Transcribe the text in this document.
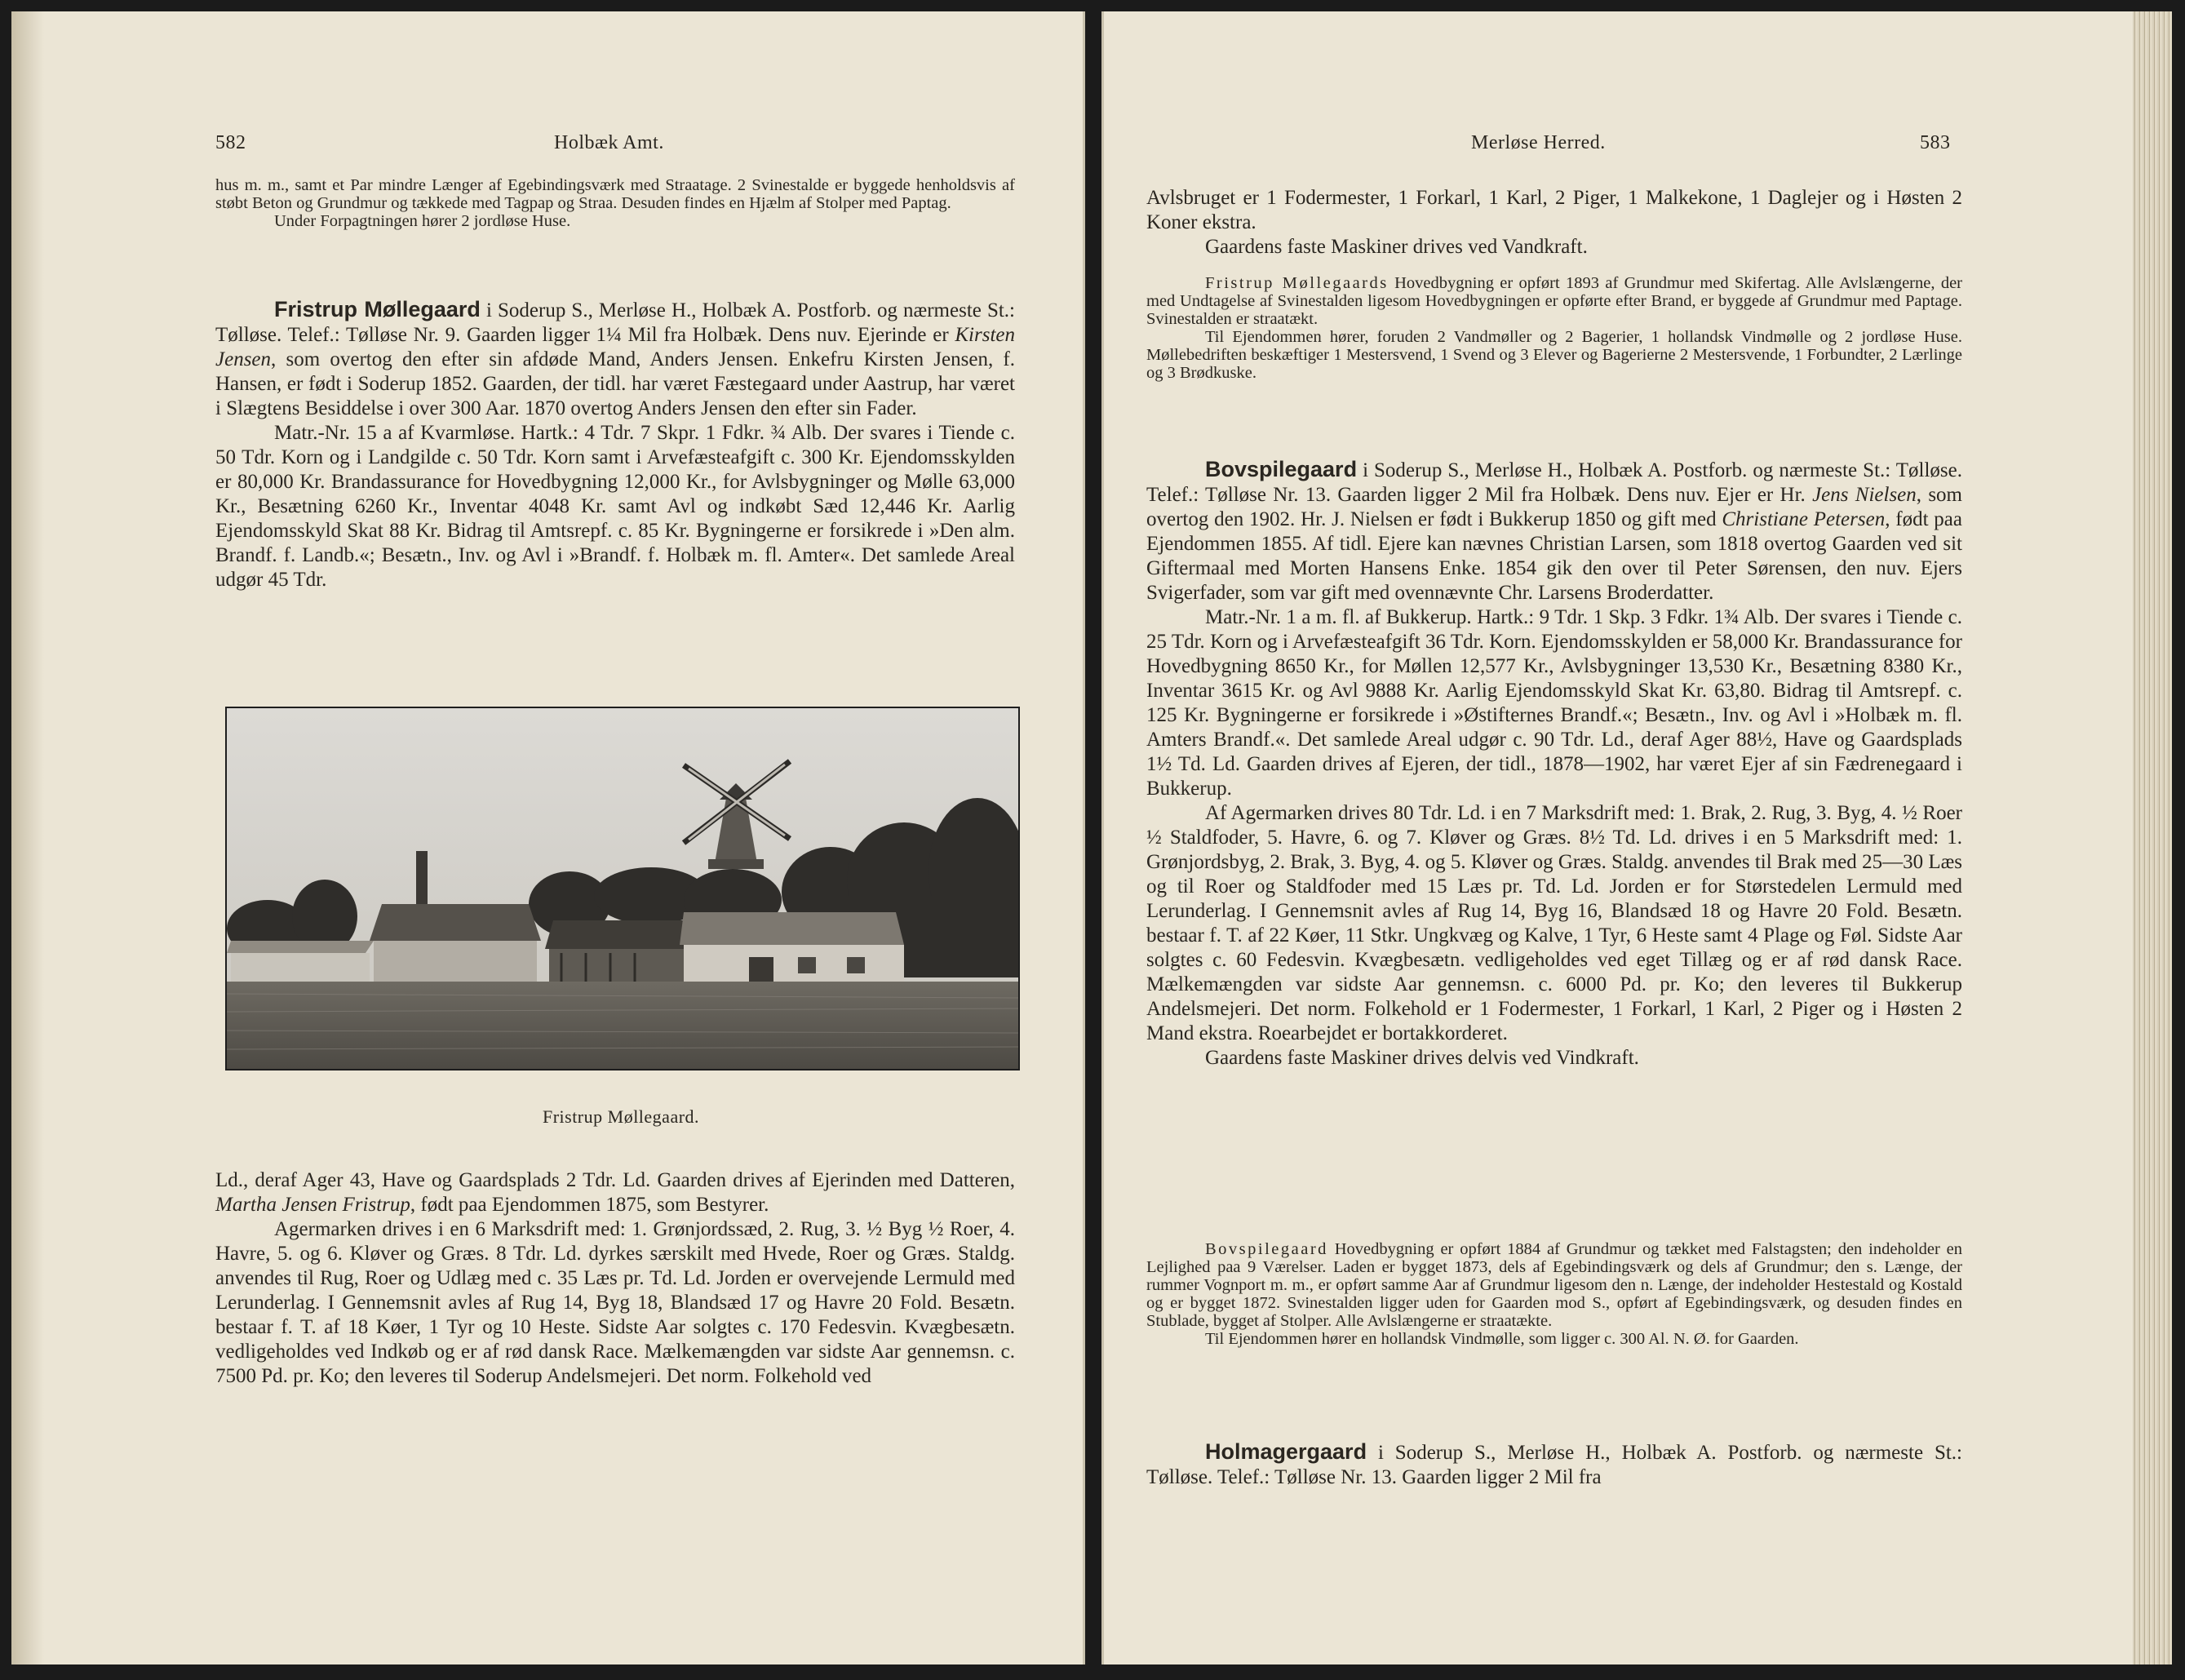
582	Holbæk Amt.

hus m. m., samt et Par mindre Længer af Egebindingsværk med Straatage. 2 Svinestalde er byggede henholdsvis af støbt Beton og Grundmur og tækkede med Tagpap og Straa. Desuden findes en Hjælm af Stolper med Paptag.

Under Forpagtningen hører 2 jordløse Huse.

Fristrup Møllegaard i Soderup S., Merløse H., Holbæk A. Postforb. og nærmeste St.: Tølløse. Telef.: Tølløse Nr. 9. Gaarden ligger 1¼ Mil fra Holbæk. Dens nuv. Ejerinde er Kirsten Jensen, som overtog den efter sin afdøde Mand, Anders Jensen. Enkefru Kirsten Jensen, f. Hansen, er født i Soderup 1852. Gaarden, der tidl. har været Fæstegaard under Aastrup, har været i Slægtens Besiddelse i over 300 Aar. 1870 overtog Anders Jensen den efter sin Fader.

Matr.-Nr. 15 a af Kvarmløse. Hartk.: 4 Tdr. 7 Skpr. 1 Fdkr. ¾ Alb. Der svares i Tiende c. 50 Tdr. Korn og i Landgilde c. 50 Tdr. Korn samt i Arvefæsteafgift c. 300 Kr. Ejendomsskylden er 80,000 Kr. Brandassurance for Hovedbygning 12,000 Kr., for Avlsbygninger og Mølle 63,000 Kr., Besætning 6260 Kr., Inventar 4048 Kr. samt Avl og indkøbt Sæd 12,446 Kr. Aarlig Ejendomsskyld Skat 88 Kr. Bidrag til Amtsrepf. c. 85 Kr. Bygningerne er forsikrede i »Den alm. Brandf. f. Landb.«; Besætn., Inv. og Avl i »Brandf. f. Holbæk m. fl. Amter«. Det samlede Areal udgør 45 Tdr.

Fristrup Møllegaard.

Ld., deraf Ager 43, Have og Gaardsplads 2 Tdr. Ld. Gaarden drives af Ejerinden med Datteren, Martha Jensen Fristrup, født paa Ejendommen 1875, som Bestyrer.

Agermarken drives i en 6 Marksdrift med: 1. Grønjordssæd, 2. Rug, 3. ½ Byg ½ Roer, 4. Havre, 5. og 6. Kløver og Græs. 8 Tdr. Ld. dyrkes særskilt med Hvede, Roer og Græs. Staldg. anvendes til Rug, Roer og Udlæg med c. 35 Læs pr. Td. Ld. Jorden er overvejende Lermuld med Lerunderlag. I Gennemsnit avles af Rug 14, Byg 18, Blandsæd 17 og Havre 20 Fold. Besætn. bestaar f. T. af 18 Køer, 1 Tyr og 10 Heste. Sidste Aar solgtes c. 170 Fedesvin. Kvægbesætn. vedligeholdes ved Indkøb og er af rød dansk Race. Mælkemængden var sidste Aar gennemsn. c. 7500 Pd. pr. Ko; den leveres til Soderup Andelsmejeri. Det norm. Folkehold ved

Merløse Herred.	583

Avlsbruget er 1 Fodermester, 1 Forkarl, 1 Karl, 2 Piger, 1 Malkekone, 1 Daglejer og i Høsten 2 Koner ekstra.

Gaardens faste Maskiner drives ved Vandkraft.

Fristrup Møllegaards Hovedbygning er opført 1893 af Grundmur med Skifertag. Alle Avlslængerne, der med Undtagelse af Svinestalden ligesom Hovedbygningen er opførte efter Brand, er byggede af Grundmur med Paptage. Svinestalden er straatækt.

Til Ejendommen hører, foruden 2 Vandmøller og 2 Bagerier, 1 hollandsk Vindmølle og 2 jordløse Huse. Møllebedriften beskæftiger 1 Mestersvend, 1 Svend og 3 Elever og Bagerierne 2 Mestersvende, 1 Forbundter, 2 Lærlinge og 3 Brødkuske.

Bovspilegaard i Soderup S., Merløse H., Holbæk A. Postforb. og nærmeste St.: Tølløse. Telef.: Tølløse Nr. 13. Gaarden ligger 2 Mil fra Holbæk. Dens nuv. Ejer er Hr. Jens Nielsen, som overtog den 1902. Hr. J. Nielsen er født i Bukkerup 1850 og gift med Christiane Petersen, født paa Ejendommen 1855. Af tidl. Ejere kan nævnes Christian Larsen, som 1818 overtog Gaarden ved sit Giftermaal med Morten Hansens Enke. 1854 gik den over til Peter Sørensen, den nuv. Ejers Svigerfader, som var gift med ovennævnte Chr. Larsens Broderdatter.

Matr.-Nr. 1 a m. fl. af Bukkerup. Hartk.: 9 Tdr. 1 Skp. 3 Fdkr. 1¾ Alb. Der svares i Tiende c. 25 Tdr. Korn og i Arvefæsteafgift 36 Tdr. Korn. Ejendomsskylden er 58,000 Kr. Brandassurance for Hovedbygning 8650 Kr., for Møllen 12,577 Kr., Avlsbygninger 13,530 Kr., Besætning 8380 Kr., Inventar 3615 Kr. og Avl 9888 Kr. Aarlig Ejendomsskyld Skat Kr. 63,80. Bidrag til Amtsrepf. c. 125 Kr. Bygningerne er forsikrede i »Østifternes Brandf.«; Besætn., Inv. og Avl i »Holbæk m. fl. Amters Brandf.«. Det samlede Areal udgør c. 90 Tdr. Ld., deraf Ager 88½, Have og Gaardsplads 1½ Td. Ld. Gaarden drives af Ejeren, der tidl., 1878—1902, har været Ejer af sin Fædrenegaard i Bukkerup.

Af Agermarken drives 80 Tdr. Ld. i en 7 Marksdrift med: 1. Brak, 2. Rug, 3. Byg, 4. ½ Roer ½ Staldfoder, 5. Havre, 6. og 7. Kløver og Græs. 8½ Td. Ld. drives i en 5 Marksdrift med: 1. Grønjordsbyg, 2. Brak, 3. Byg, 4. og 5. Kløver og Græs. Staldg. anvendes til Brak med 25—30 Læs og til Roer og Staldfoder med 15 Læs pr. Td. Ld. Jorden er for Størstedelen Lermuld med Lerunderlag. I Gennemsnit avles af Rug 14, Byg 16, Blandsæd 18 og Havre 20 Fold. Besætn. bestaar f. T. af 22 Køer, 11 Stkr. Ungkvæg og Kalve, 1 Tyr, 6 Heste samt 4 Plage og Føl. Sidste Aar solgtes c. 60 Fedesvin. Kvægbesætn. vedligeholdes ved eget Tillæg og er af rød dansk Race. Mælkemængden var sidste Aar gennemsn. c. 6000 Pd. pr. Ko; den leveres til Bukkerup Andelsmejeri. Det norm. Folkehold er 1 Fodermester, 1 Forkarl, 1 Karl, 2 Piger og i Høsten 2 Mand ekstra. Roearbejdet er bortakkorderet.

Gaardens faste Maskiner drives delvis ved Vindkraft.

Bovspilegaard Hovedbygning er opført 1884 af Grundmur og tækket med Falstagsten; den indeholder en Lejlighed paa 9 Værelser. Laden er bygget 1873, dels af Egebindingsværk og dels af Grundmur; den s. Længe, der rummer Vognport m. m., er opført samme Aar af Grundmur ligesom den n. Længe, der indeholder Hestestald og Kostald og er bygget 1872. Svinestalden ligger uden for Gaarden mod S., opført af Egebindingsværk, og desuden findes en Stublade, bygget af Stolper. Alle Avlslængerne er straatækte.

Til Ejendommen hører en hollandsk Vindmølle, som ligger c. 300 Al. N. Ø. for Gaarden.

Holmagergaard i Soderup S., Merløse H., Holbæk A. Postforb. og nærmeste St.: Tølløse. Telef.: Tølløse Nr. 13. Gaarden ligger 2 Mil fra
